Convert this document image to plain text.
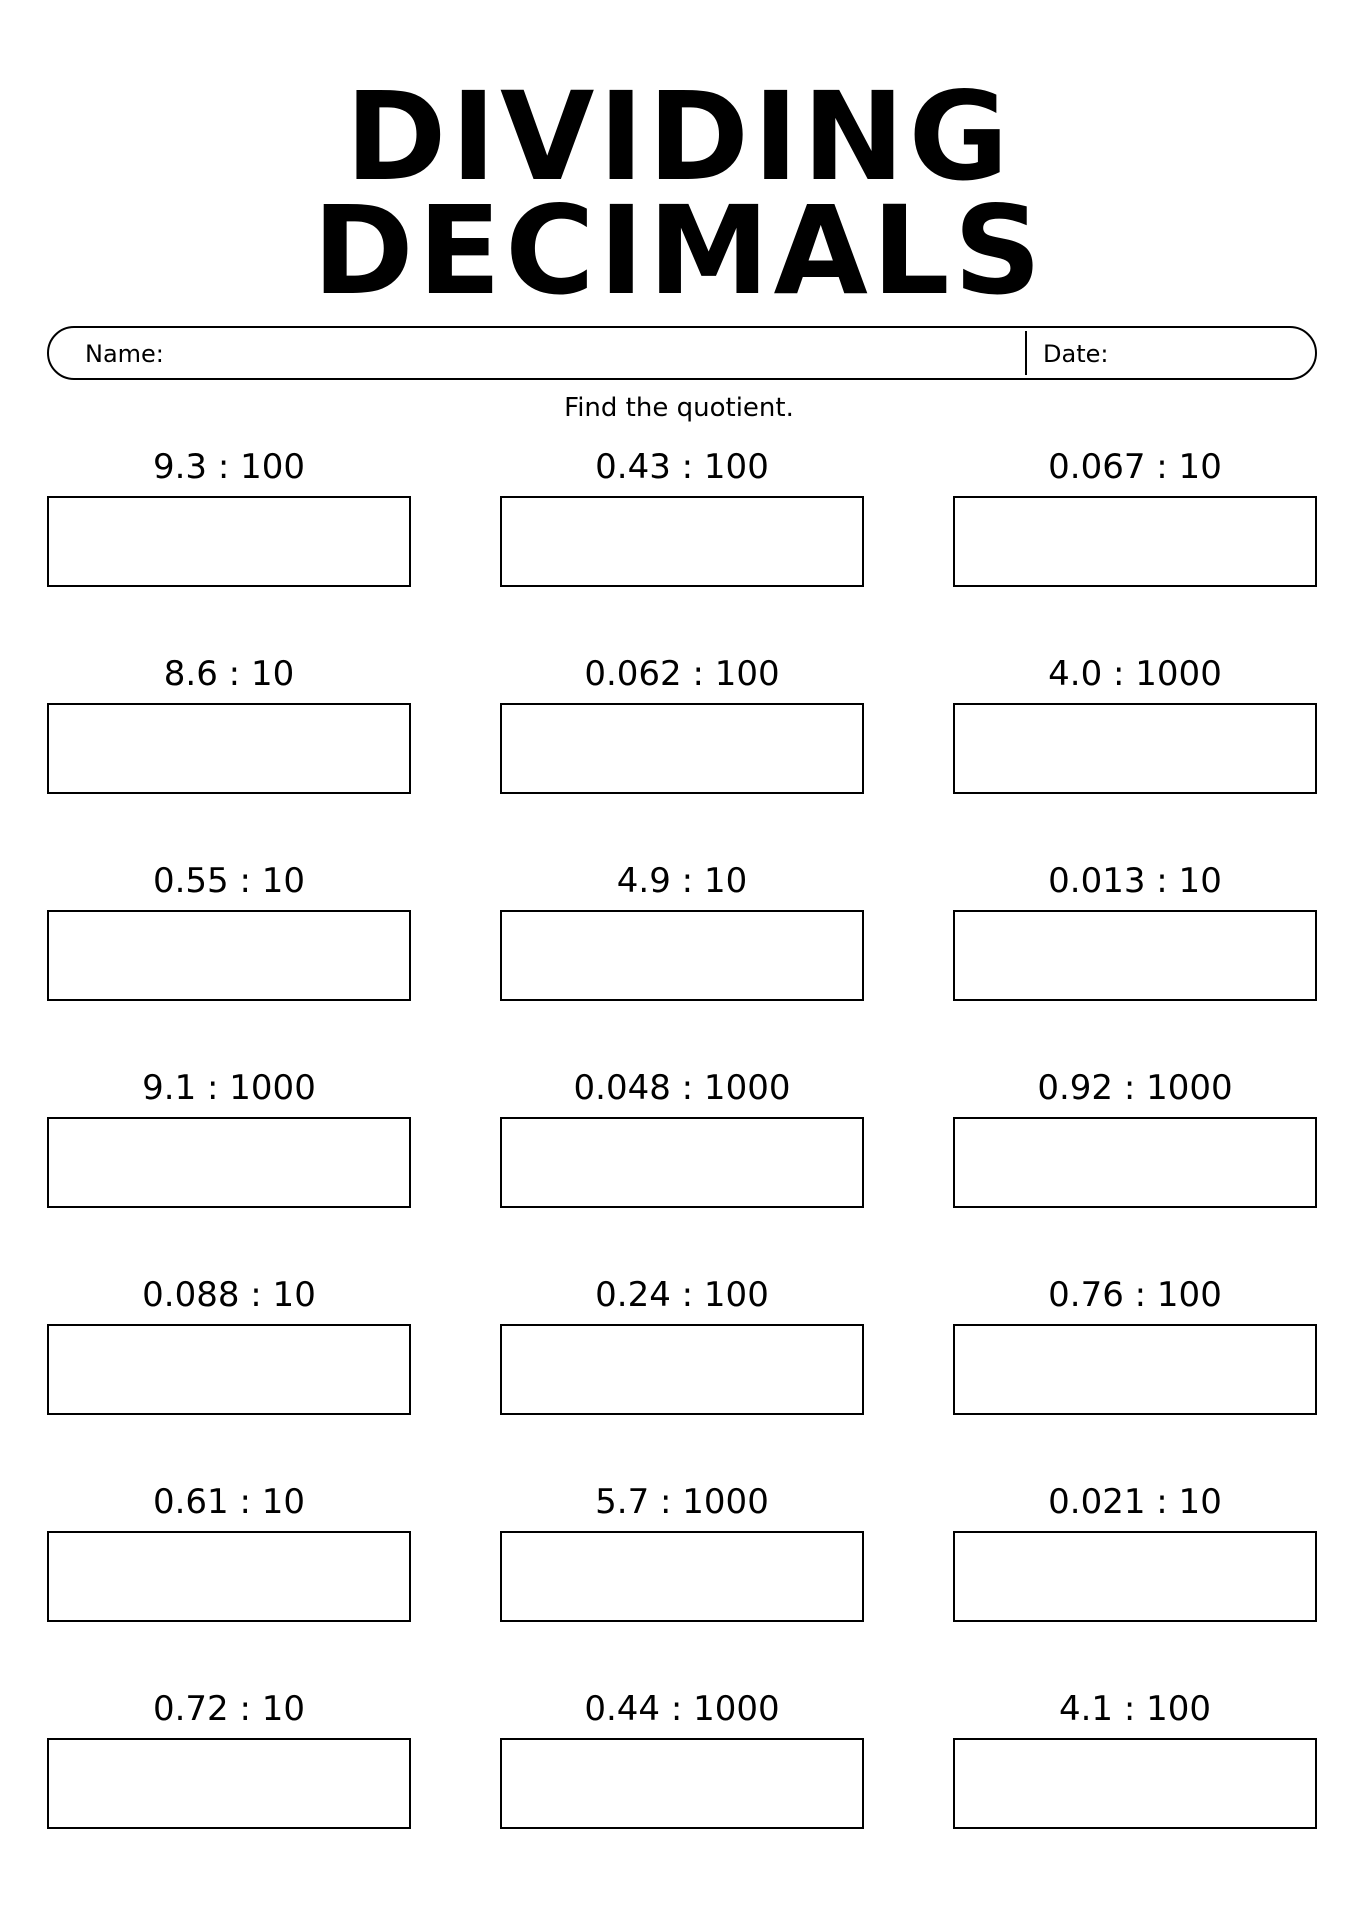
DIVIDING
DECIMALS
Name:	Date:
Find the quotient.
9.3 : 100	0.43 : 100	0.067 : 10
8.6 : 10	0.062 : 100	4.0 : 1000
0.55 : 10	4.9 : 10	0.013 : 10
9.1 : 1000	0.048 : 1000	0.92 : 1000
0.088 : 10	0.24 : 100	0.76 : 100
0.61 : 10	5.7 : 1000	0.021 : 10
0.72 : 10	0.44 : 1000	4.1 : 100
